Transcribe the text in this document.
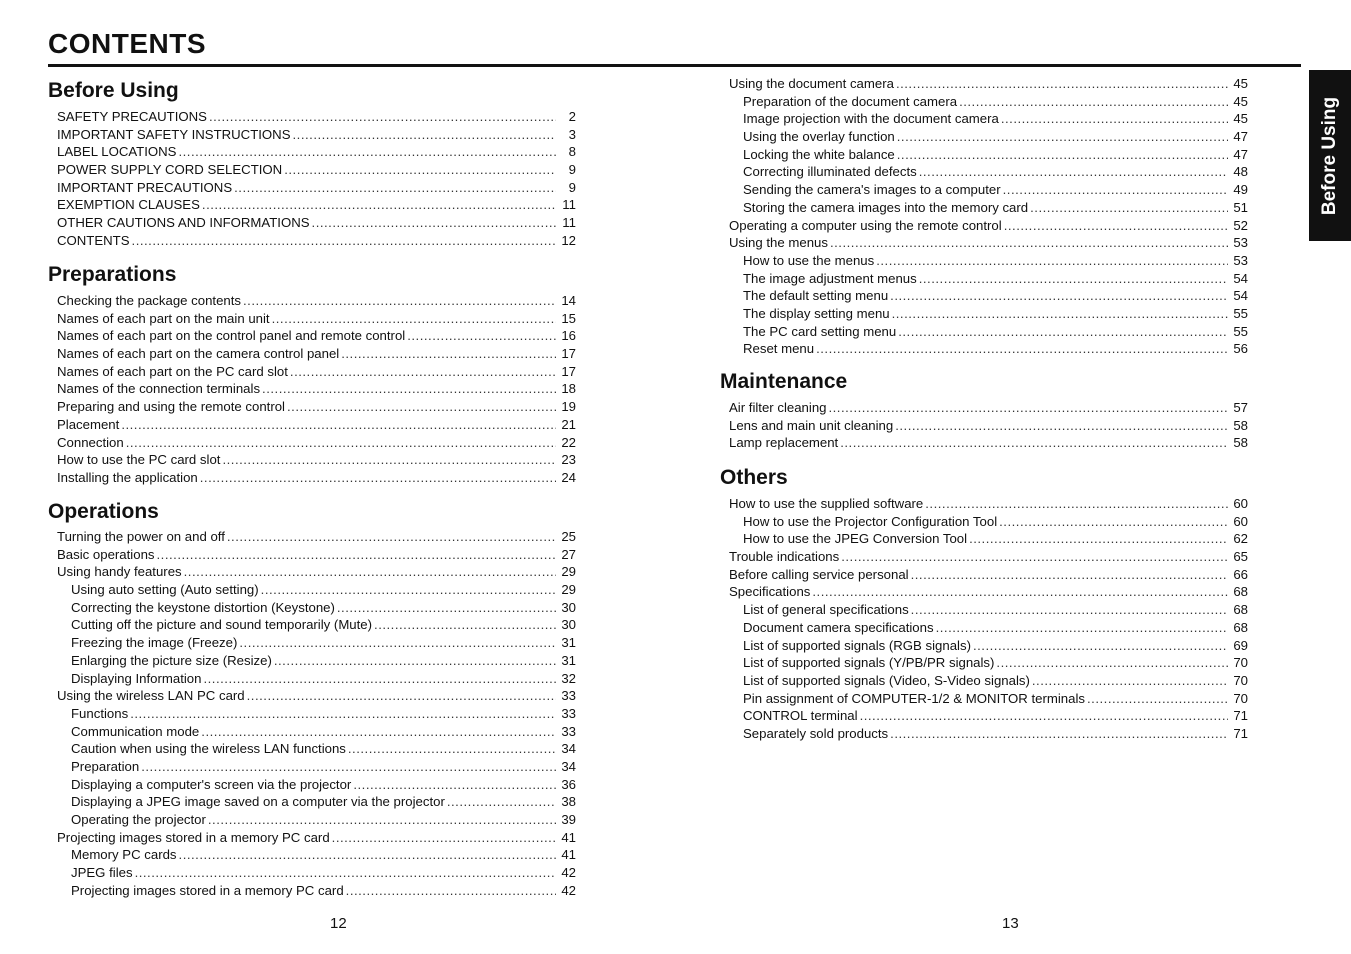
CONTENTS
Before Using
Before Using
SAFETY PRECAUTIONS .....	2
IMPORTANT SAFETY INSTRUCTIONS .....	3
LABEL LOCATIONS .....	8
POWER SUPPLY CORD SELECTION .....	9
IMPORTANT PRECAUTIONS .....	9
EXEMPTION CLAUSES .....	11
OTHER CAUTIONS AND INFORMATIONS .....	11
CONTENTS .....	12
Preparations
Checking the package contents .....	14
Names of each part on the main unit .....	15
Names of each part on the control panel and remote control .....	16
Names of each part on the camera control panel .....	17
Names of each part on the PC card slot .....	17
Names of the connection terminals .....	18
Preparing and using the remote control .....	19
Placement .....	21
Connection .....	22
How to use the PC card slot .....	23
Installing the application .....	24
Operations
Turning the power on and off .....	25
Basic operations .....	27
Using handy features .....	29
Using auto setting (Auto setting) .....	29
Correcting the keystone distortion (Keystone) .....	30
Cutting off the picture and sound temporarily (Mute) .....	30
Freezing the image (Freeze) .....	31
Enlarging the picture size (Resize) .....	31
Displaying Information .....	32
Using the wireless LAN PC card .....	33
Functions .....	33
Communication mode .....	33
Caution when using the wireless LAN functions .....	34
Preparation .....	34
Displaying a computer's screen via the projector .....	36
Displaying a JPEG image saved on a computer via the projector .....	38
Operating the projector .....	39
Projecting images stored in a memory PC card .....	41
Memory PC cards .....	41
JPEG files .....	42
Projecting images stored in a memory PC card .....	42
12
Using the document camera .....	45
Preparation of the document camera .....	45
Image projection with the document camera .....	45
Using the overlay function .....	47
Locking the white balance .....	47
Correcting illuminated defects .....	48
Sending the camera's images to a computer .....	49
Storing the camera images into the memory card .....	51
Operating a computer using the remote control .....	52
Using the menus .....	53
How to use the menus .....	53
The image adjustment menus .....	54
The default setting menu .....	54
The display setting menu .....	55
The PC card setting menu .....	55
Reset menu .....	56
Maintenance
Air filter cleaning .....	57
Lens and main unit cleaning .....	58
Lamp replacement .....	58
Others
How to use the supplied software .....	60
How to use the Projector Configuration Tool .....	60
How to use the JPEG Conversion Tool .....	62
Trouble indications .....	65
Before calling service personal .....	66
Specifications .....	68
List of general specifications .....	68
Document camera specifications .....	68
List of supported signals (RGB signals) .....	69
List of supported signals (Y/PB/PR signals) .....	70
List of supported signals (Video, S-Video signals) .....	70
Pin assignment of COMPUTER-1/2 & MONITOR terminals .....	70
CONTROL terminal .....	71
Separately sold products .....	71
13
